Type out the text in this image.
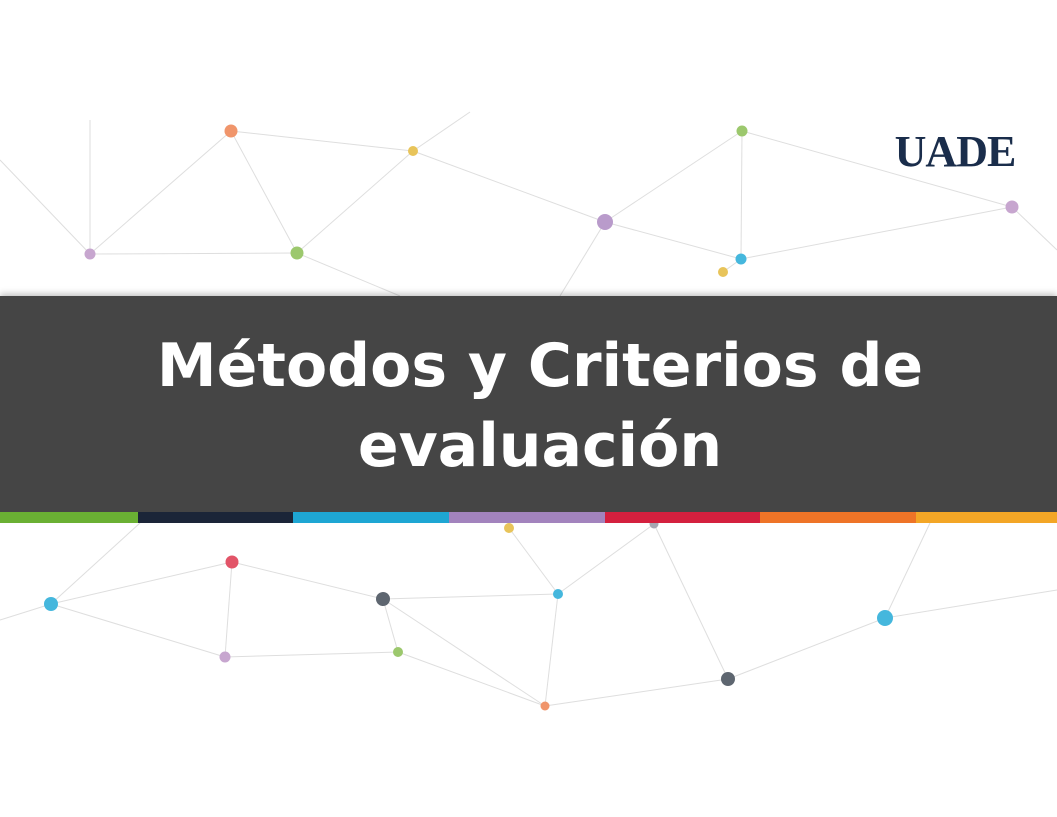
UADE
Métodos y Criterios de
evaluación
